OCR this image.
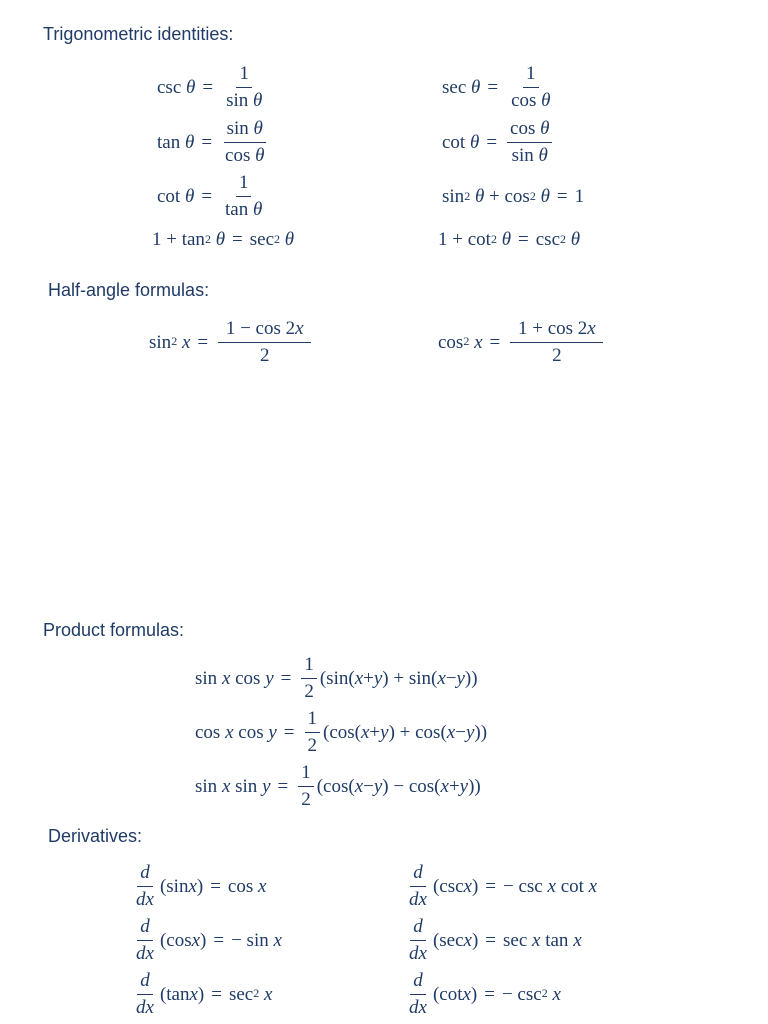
Trigonometric identities:
Half-angle formulas:
Product formulas:
Derivatives:
$\csc \theta = \frac{1}{\text{sin θ}}$	$\sec \theta = \frac{1}{\text{cos θ}}$
$\tan \theta = \frac{\text{sin θ}}{\text{cos θ}}$	$\cot \theta = \frac{\text{cos θ}}{\text{sin θ}}$
$\cot \theta = \frac{1}{\text{tan θ}}$	$\sin^2 \theta + \cos^2 \theta = 1$
$1 + \tan^2 \theta = \sec^2 \theta$	$1 + \cot^2 \theta = \csc^2 \theta$
$\sin^2 x = \frac{1 - \cos 2x}{2}$	$\cos^2 x = \frac{1 + \cos 2x}{2}$
sin x $\cos y = \frac{1}{2} (\sin$( x + y ) + sin( x − y ))
cos x $\cos y = \frac{1}{2} (\cos$( x + y ) + cos( x − y ))
sin x $\sin y = \frac{1}{2} (\cos$( x − y ) − cos( x + y ))
$\frac{d}{dx} (\sin$ x ) = cos x	$\frac{d}{dx} (\csc$ x ) = − csc x cot x
$\frac{d}{dx} (\cos$ x ) = − sin x	$\frac{d}{dx} (\sec$ x ) = sec x tan x
$\frac{d}{dx} (\tan$ x ) = $\sec^2 x$	$\frac{d}{dx} (\cot$ x ) = − $\csc^2 x$
